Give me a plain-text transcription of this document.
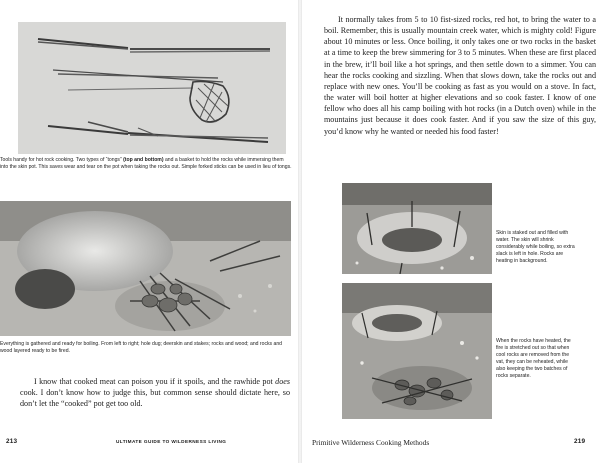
Tools handy for hot rock cooking. Two types of “tongs” (top and bottom) and a basket to hold the rocks while immersing them into the skin pot. This saves wear and tear on the pot when taking the rocks out. Simple forked sticks can be used in lieu of tongs.
Everything is gathered and ready for boiling. From left to right; hole dug; deerskin and stakes; rocks and wood; and rocks and wood layered ready to be fired.

I know that cooked meat can poison you if it spoils, and the rawhide pot does cook. I don’t know how to judge this, but common sense should dictate here, so don’t let the “cooked” pot get too old.

213	ULTIMATE GUIDE TO WILDERNESS LIVING

It normally takes from 5 to 10 fist-sized rocks, red hot, to bring the water to a boil. Remember, this is usually mountain creek water, which is mighty cold! Figure about 10 minutes or less. Once boiling, it only takes one or two rocks in the basket at a time to keep the brew simmering for 3 to 5 minutes. When these are first placed in the brew, it’ll boil like a hot springs, and then settle down to a simmer. You can hear the rocks cooking and sizzling. When that slows down, take the rocks out and replace with new ones. You’ll be cooking as fast as you would on a stove. In fact, the water will boil hotter at higher elevations and so cook faster. I know of one fellow who does all his camp boiling with hot rocks (in a Dutch oven) while in the mountains just because it does cook faster. And if you saw the size of this guy, you’d know why he wanted or needed his food faster!

Skin is staked out and filled with water. The skin will shrink considerably while boiling, so extra slack is left in hole. Rocks are heating in background.
When the rocks have heated, the fire is stretched out so that when cool rocks are removed from the vat, they can be reheated, while also keeping the two batches of rocks separate.
Primitive Wilderness Cooking Methods	219
